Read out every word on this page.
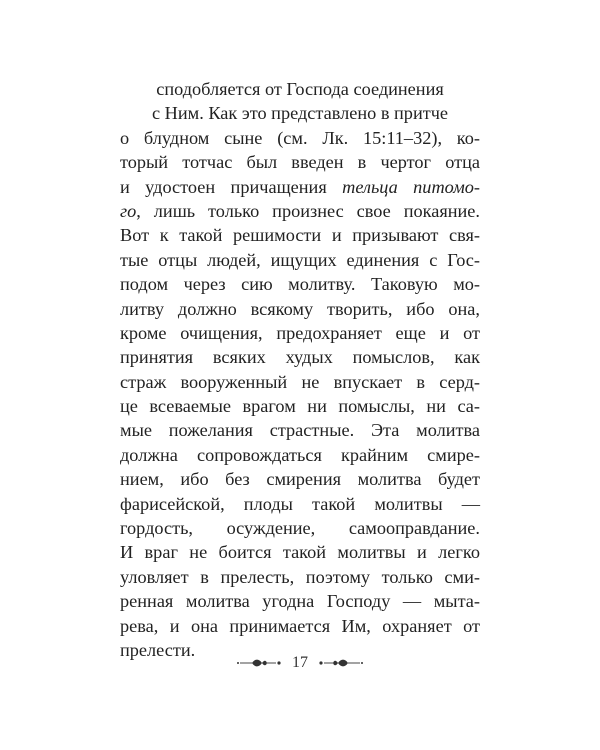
сподобляется от Господа соединения
с Ним. Как это представлено в притче
о блудном сыне (см. Лк. 15:11–32), ко-
торый тотчас был введен в чертог отца
и удостоен причащения тельца питомо-
го, лишь только произнес свое покаяние.
Вот к такой решимости и призывают свя-
тые отцы людей, ищущих единения с Гос-
подом через сию молитву. Таковую мо-
литву должно всякому творить, ибо она,
кроме очищения, предохраняет еще и от
принятия всяких худых помыслов, как
страж вооруженный не впускает в серд-
це всеваемые врагом ни помыслы, ни са-
мые пожелания страстные. Эта молитва
должна сопровождаться крайним смире-
нием, ибо без смирения молитва будет
фарисейской, плоды такой молитвы —
гордость, осуждение, самооправдание.
И враг не боится такой молитвы и легко
уловляет в прелесть, поэтому только сми-
ренная молитва угодна Господу — мыта-
рева, и она принимается Им, охраняет от
прелести.
17
